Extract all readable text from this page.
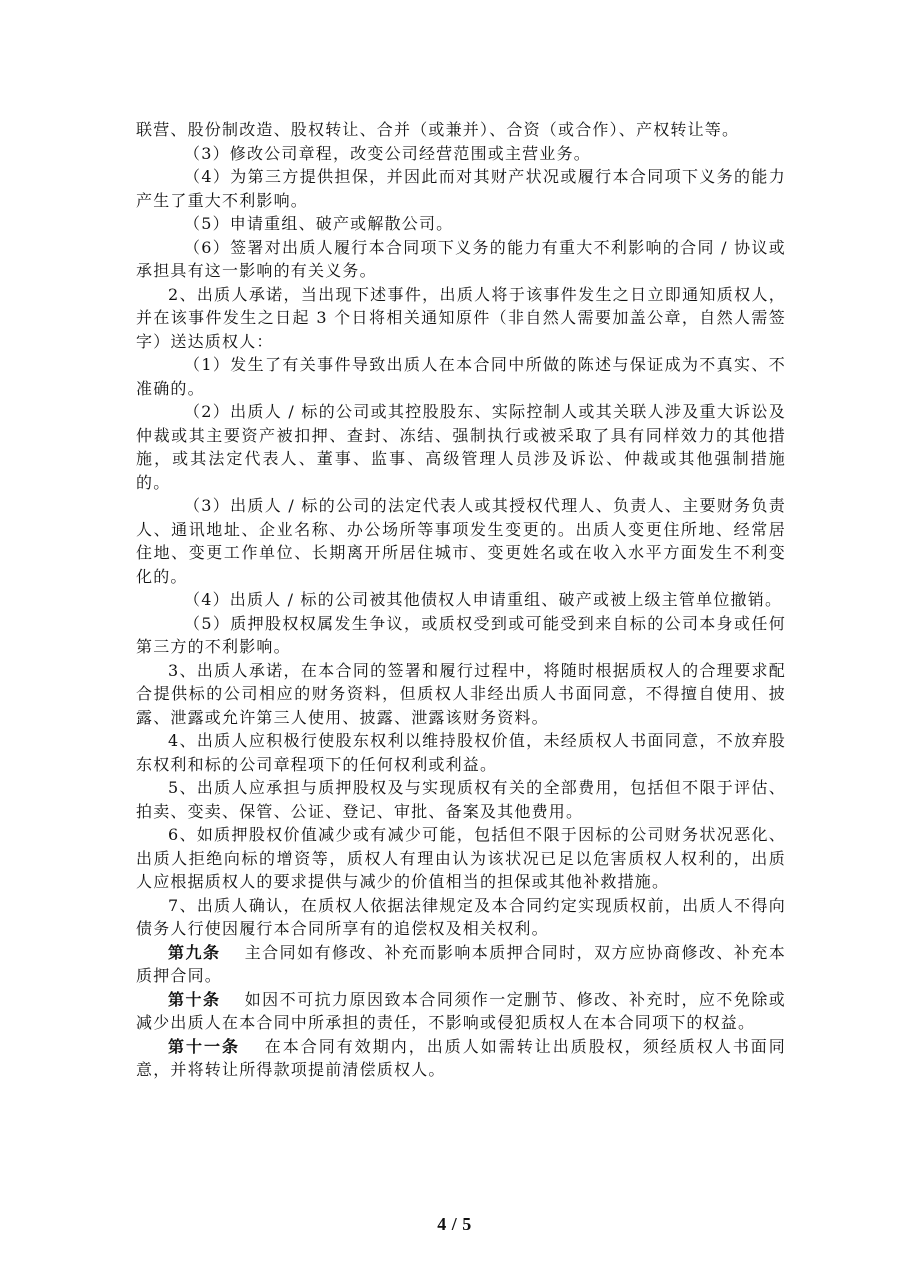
联营、股份制改造、股权转让、合并（或兼并）、合资（或合作）、产权转让等。

（3）修改公司章程，改变公司经营范围或主营业务。

（4）为第三方提供担保，并因此而对其财产状况或履行本合同项下义务的能力产生了重大不利影响。

（5）申请重组、破产或解散公司。

（6）签署对出质人履行本合同项下义务的能力有重大不利影响的合同 / 协议或承担具有这一影响的有关义务。

2、出质人承诺，当出现下述事件，出质人将于该事件发生之日立即通知质权人，并在该事件发生之日起 3 个日将相关通知原件（非自然人需要加盖公章，自然人需签字）送达质权人：

（1）发生了有关事件导致出质人在本合同中所做的陈述与保证成为不真实、不准确的。

（2）出质人 / 标的公司或其控股股东、实际控制人或其关联人涉及重大诉讼及仲裁或其主要资产被扣押、查封、冻结、强制执行或被采取了具有同样效力的其他措施，或其法定代表人、董事、监事、高级管理人员涉及诉讼、仲裁或其他强制措施的。

（3）出质人 / 标的公司的法定代表人或其授权代理人、负责人、主要财务负责人、通讯地址、企业名称、办公场所等事项发生变更的。出质人变更住所地、经常居住地、变更工作单位、长期离开所居住城市、变更姓名或在收入水平方面发生不利变化的。

（4）出质人 / 标的公司被其他债权人申请重组、破产或被上级主管单位撤销。

（5）质押股权权属发生争议，或质权受到或可能受到来自标的公司本身或任何第三方的不利影响。

3、出质人承诺，在本合同的签署和履行过程中，将随时根据质权人的合理要求配合提供标的公司相应的财务资料，但质权人非经出质人书面同意，不得擅自使用、披露、泄露或允许第三人使用、披露、泄露该财务资料。

4、出质人应积极行使股东权利以维持股权价值，未经质权人书面同意，不放弃股东权利和标的公司章程项下的任何权利或利益。

5、出质人应承担与质押股权及与实现质权有关的全部费用，包括但不限于评估、拍卖、变卖、保管、公证、登记、审批、备案及其他费用。

6、如质押股权价值减少或有减少可能，包括但不限于因标的公司财务状况恶化、出质人拒绝向标的增资等，质权人有理由认为该状况已足以危害质权人权利的，出质人应根据质权人的要求提供与减少的价值相当的担保或其他补救措施。

7、出质人确认，在质权人依据法律规定及本合同约定实现质权前，出质人不得向债务人行使因履行本合同所享有的追偿权及相关权利。

第九条 主合同如有修改、补充而影响本质押合同时，双方应协商修改、补充本质押合同。

第十条 如因不可抗力原因致本合同须作一定删节、修改、补充时，应不免除或减少出质人在本合同中所承担的责任，不影响或侵犯质权人在本合同项下的权益。

第十一条 在本合同有效期内，出质人如需转让出质股权，须经质权人书面同意，并将转让所得款项提前清偿质权人。

4 / 5
